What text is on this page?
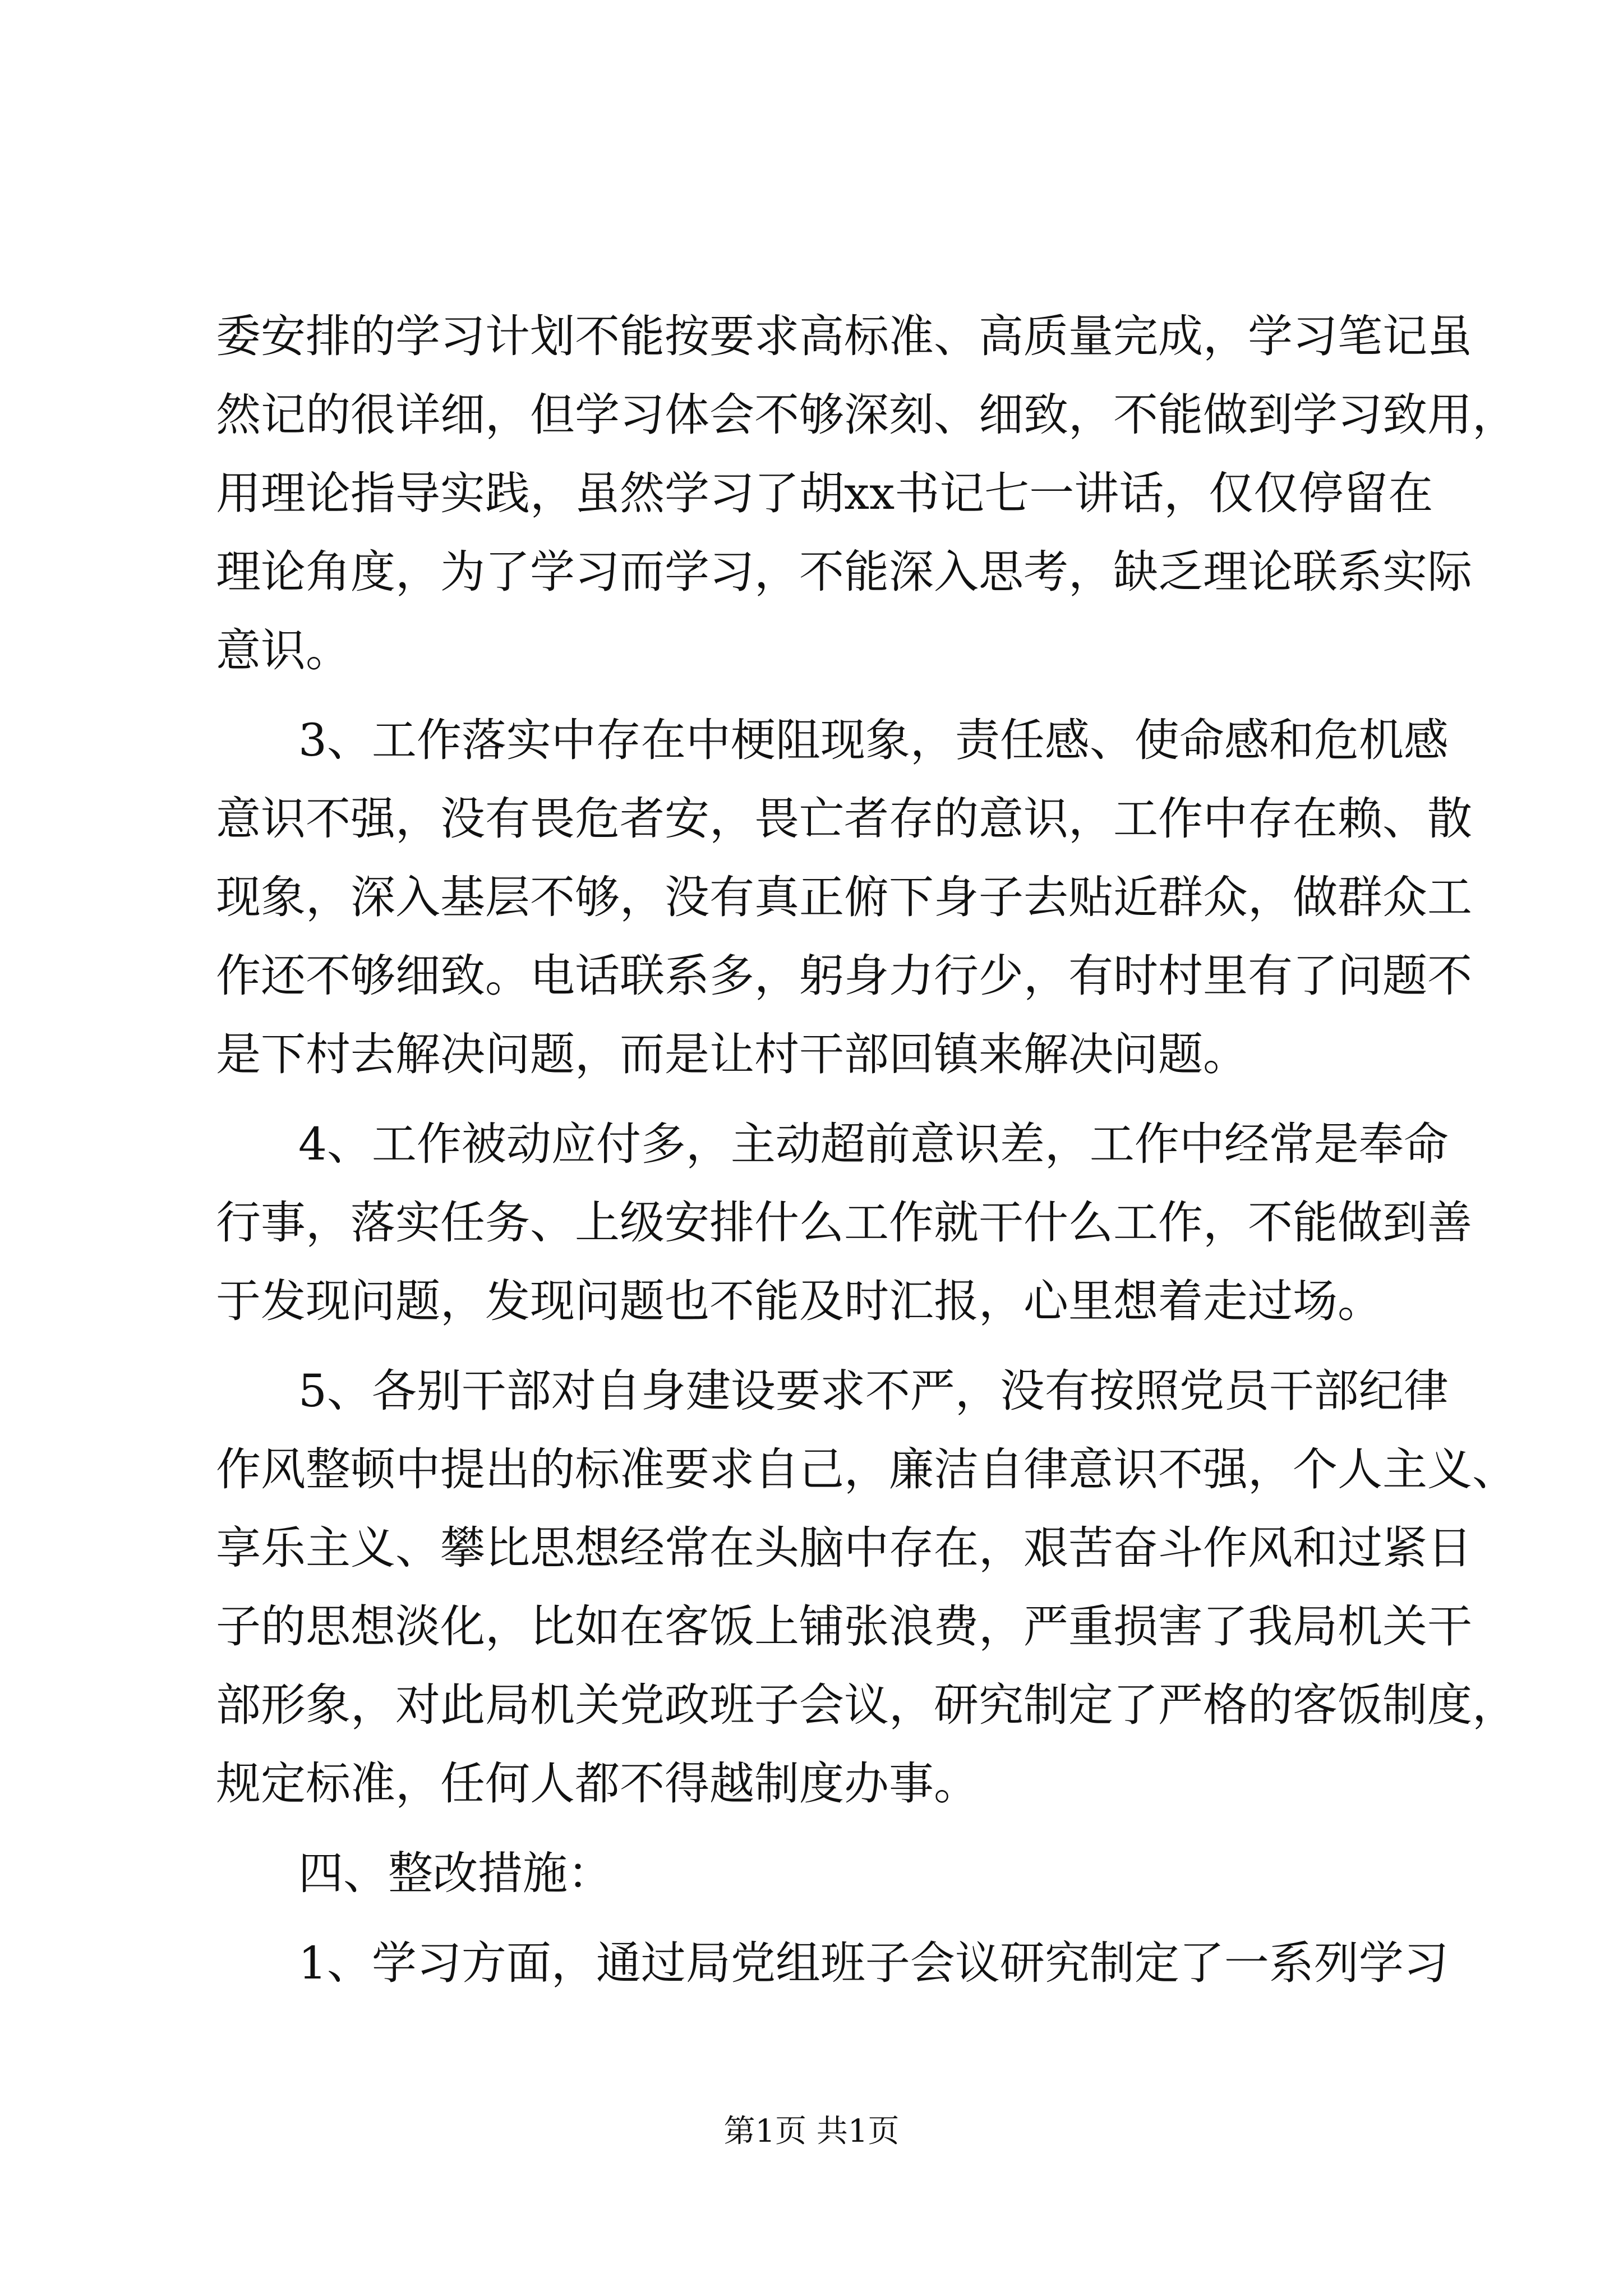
委安排的学习计划不能按要求高标准、高质量完成，学习笔记虽
然记的很详细，但学习体会不够深刻、细致，不能做到学习致用，
用理论指导实践，虽然学习了胡xx书记七一讲话，仅仅停留在
理论角度，为了学习而学习，不能深入思考，缺乏理论联系实际
意识。
3、工作落实中存在中梗阻现象，责任感、使命感和危机感
意识不强，没有畏危者安，畏亡者存的意识，工作中存在赖、散
现象，深入基层不够，没有真正俯下身子去贴近群众，做群众工
作还不够细致。电话联系多，躬身力行少，有时村里有了问题不
是下村去解决问题，而是让村干部回镇来解决问题。
4、工作被动应付多，主动超前意识差，工作中经常是奉命
行事，落实任务、上级安排什么工作就干什么工作，不能做到善
于发现问题，发现问题也不能及时汇报，心里想着走过场。
5、各别干部对自身建设要求不严，没有按照党员干部纪律
作风整顿中提出的标准要求自己，廉洁自律意识不强，个人主义、
享乐主义、攀比思想经常在头脑中存在，艰苦奋斗作风和过紧日
子的思想淡化，比如在客饭上铺张浪费，严重损害了我局机关干
部形象，对此局机关党政班子会议，研究制定了严格的客饭制度，
规定标准，任何人都不得越制度办事。
四、整改措施：
1、学习方面，通过局党组班子会议研究制定了一系列学习
第1页 共1页
